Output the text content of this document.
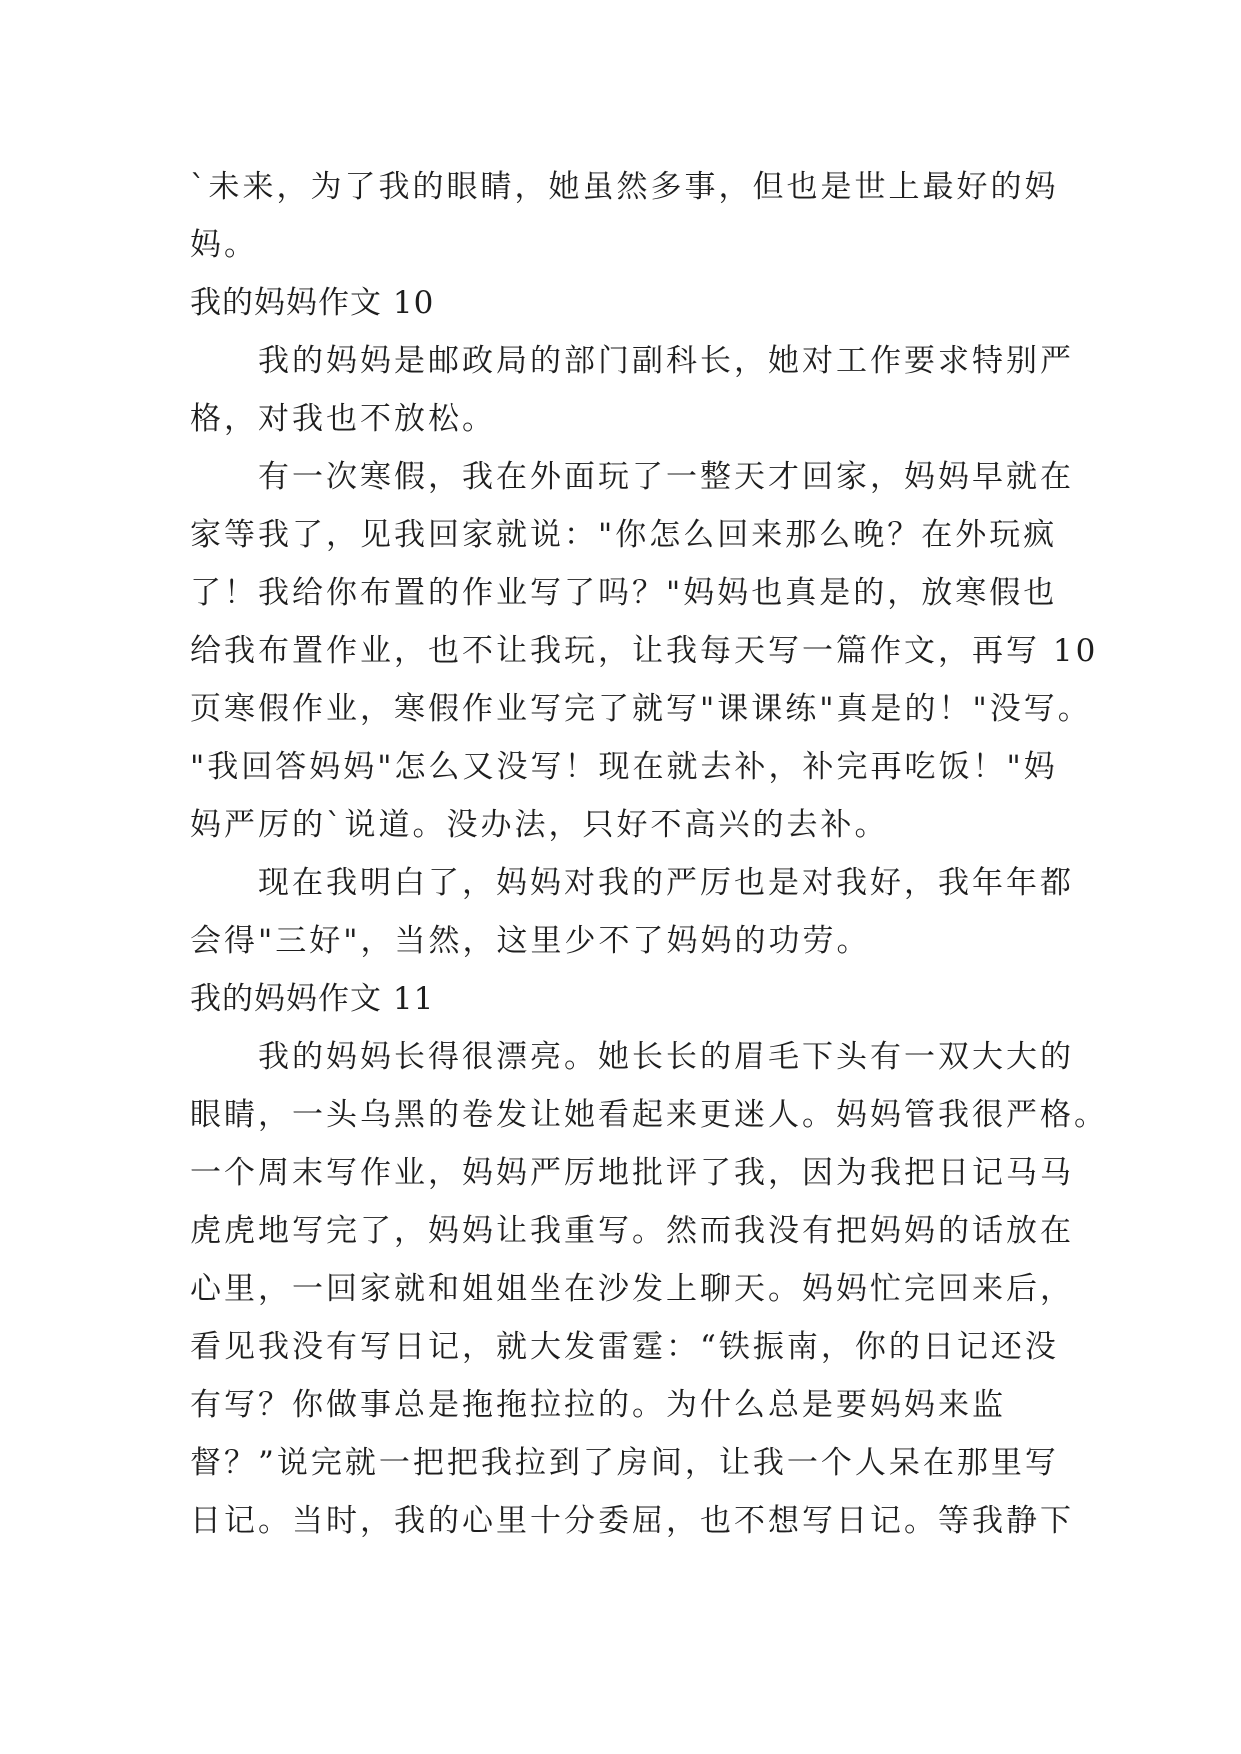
`未来，为了我的眼睛，她虽然多事，但也是世上最好的妈
妈。
我的妈妈作文 10
我的妈妈是邮政局的部门副科长，她对工作要求特别严
格，对我也不放松。
有一次寒假，我在外面玩了一整天才回家，妈妈早就在
家等我了，见我回家就说："你怎么回来那么晚？在外玩疯
了！我给你布置的作业写了吗？"妈妈也真是的，放寒假也
给我布置作业，也不让我玩，让我每天写一篇作文，再写 10
页寒假作业，寒假作业写完了就写"课课练"真是的！"没写。
"我回答妈妈"怎么又没写！现在就去补，补完再吃饭！"妈
妈严厉的`说道。没办法，只好不高兴的去补。
现在我明白了，妈妈对我的严厉也是对我好，我年年都
会得"三好"，当然，这里少不了妈妈的功劳。
我的妈妈作文 11
我的妈妈长得很漂亮。她长长的眉毛下头有一双大大的
眼睛，一头乌黑的卷发让她看起来更迷人。妈妈管我很严格。
一个周末写作业，妈妈严厉地批评了我，因为我把日记马马
虎虎地写完了，妈妈让我重写。然而我没有把妈妈的话放在
心里，一回家就和姐姐坐在沙发上聊天。妈妈忙完回来后，
看见我没有写日记，就大发雷霆：“铁振南，你的日记还没
有写？你做事总是拖拖拉拉的。为什么总是要妈妈来监
督？”说完就一把把我拉到了房间，让我一个人呆在那里写
日记。当时，我的心里十分委屈，也不想写日记。等我静下
